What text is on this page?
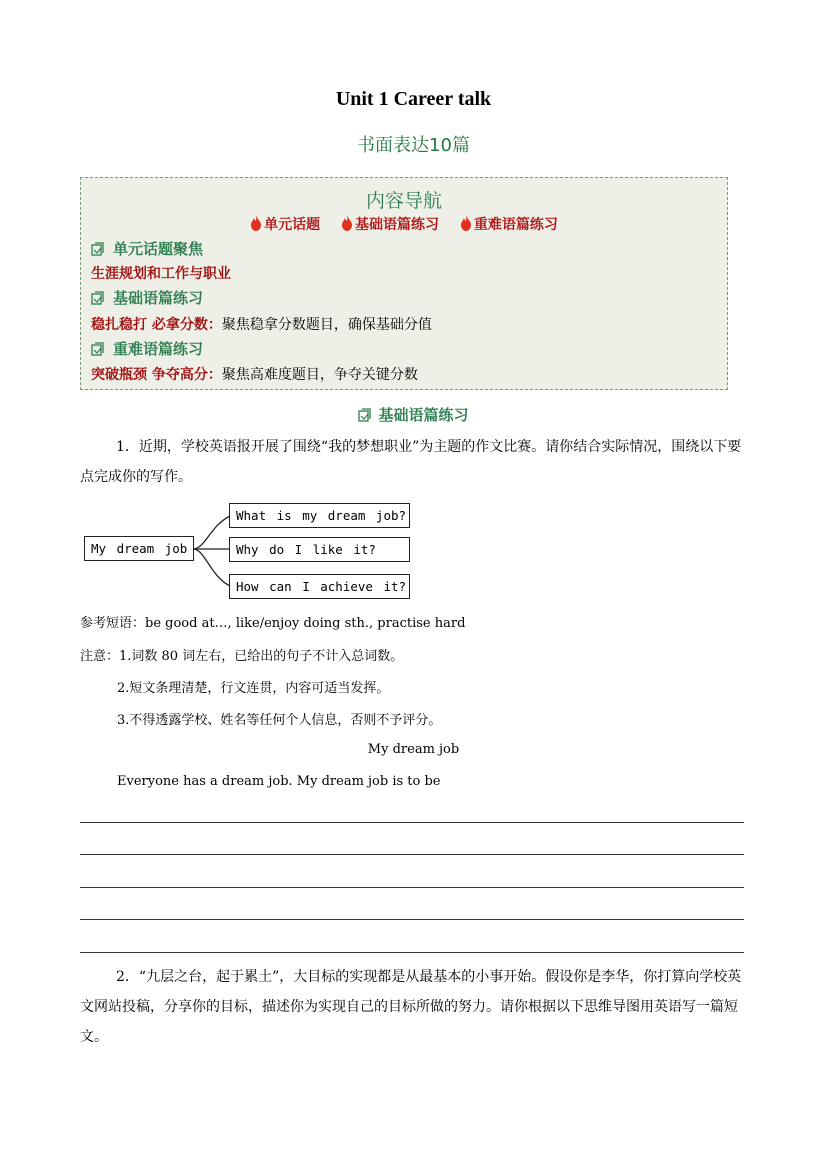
Unit 1 Career talk
书面表达10篇
内容导航
单元话题 基础语篇练习 重难语篇练习
单元话题聚焦
生涯规划和工作与职业
基础语篇练习
稳扎稳打 必拿分数：聚焦稳拿分数题目，确保基础分值
重难语篇练习
突破瓶颈 争夺高分：聚焦高难度题目，争夺关键分数
基础语篇练习
1．近期，学校英语报开展了围绕“我的梦想职业”为主题的作文比赛。请你结合实际情况，围绕以下要点完成你的写作。
My dream job
What is my dream job?
Why do I like it?
How can I achieve it?
参考短语：be good at…, like/enjoy doing sth., practise hard
注意：1.词数 80 词左右，已给出的句子不计入总词数。
2.短文条理清楚，行文连贯，内容可适当发挥。
3.不得透露学校、姓名等任何个人信息，否则不予评分。
My dream job
Everyone has a dream job. My dream job is to be
2．“九层之台，起于累土”，大目标的实现都是从最基本的小事开始。假设你是李华，你打算向学校英文网站投稿，分享你的目标，描述你为实现自己的目标所做的努力。请你根据以下思维导图用英语写一篇短文。
